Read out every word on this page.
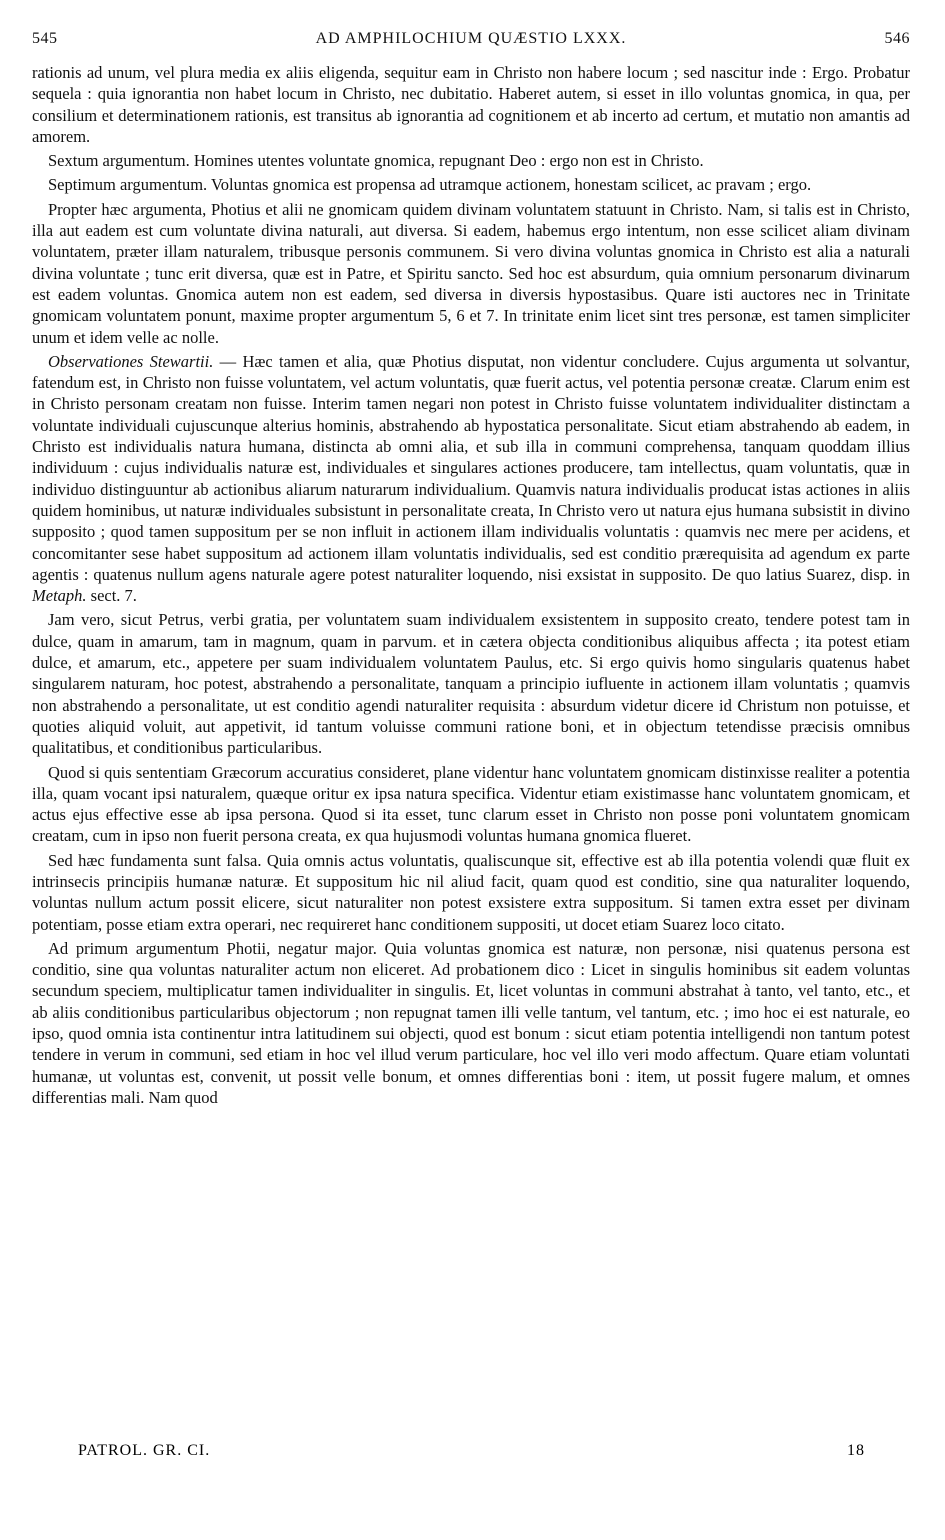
545	AD AMPHILOCHIUM QUÆSTIO LXXX.	546

rationis ad unum, vel plura media ex aliis eligenda, sequitur eam in Christo non habere locum ; sed nascitur inde : Ergo. Probatur sequela : quia ignorantia non habet locum in Christo, nec dubitatio. Haberet autem, si esset in illo voluntas gnomica, in qua, per consilium et determinationem rationis, est transitus ab ignorantia ad cognitionem et ab incerto ad certum, et mutatio non amantis ad amorem.

Sextum argumentum. Homines utentes voluntate gnomica, repugnant Deo : ergo non est in Christo.

Septimum argumentum. Voluntas gnomica est propensa ad utramque actionem, honestam scilicet, ac pravam ; ergo.

Propter hæc argumenta, Photius et alii ne gnomicam quidem divinam voluntatem statuunt in Christo. Nam, si talis est in Christo, illa aut eadem est cum voluntate divina naturali, aut diversa. Si eadem, habemus ergo intentum, non esse scilicet aliam divinam voluntatem, præter illam naturalem, tribusque personis communem. Si vero divina voluntas gnomica in Christo est alia a naturali divina voluntate ; tunc erit diversa, quæ est in Patre, et Spiritu sancto. Sed hoc est absurdum, quia omnium personarum divinarum est eadem voluntas. Gnomica autem non est eadem, sed diversa in diversis hypostasibus. Quare isti auctores nec in Trinitate gnomicam voluntatem ponunt, maxime propter argumentum 5, 6 et 7. In trinitate enim licet sint tres personæ, est tamen simpliciter unum et idem velle ac nolle.

Observationes Stewartii. — Hæc tamen et alia, quæ Photius disputat, non videntur concludere. Cujus argumenta ut solvantur, fatendum est, in Christo non fuisse voluntatem, vel actum voluntatis, quæ fuerit actus, vel potentia personæ creatæ. Clarum enim est in Christo personam creatam non fuisse. Interim tamen negari non potest in Christo fuisse voluntatem individualiter distinctam a voluntate individuali cujuscunque alterius hominis, abstrahendo ab hypostatica personalitate. Sicut etiam abstrahendo ab eadem, in Christo est individualis natura humana, distincta ab omni alia, et sub illa in communi comprehensa, tanquam quoddam illius individuum : cujus individualis naturæ est, individuales et singulares actiones producere, tam intellectus, quam voluntatis, quæ in individuo distinguuntur ab actionibus aliarum naturarum individualium. Quamvis natura individualis producat istas actiones in aliis quidem hominibus, ut naturæ individuales subsistunt in personalitate creata, In Christo vero ut natura ejus humana subsistit in divino supposito ; quod tamen suppositum per se non influit in actionem illam individualis voluntatis : quamvis nec mere per acidens, et concomitanter sese habet suppositum ad actionem illam voluntatis individualis, sed est conditio prærequisita ad agendum ex parte agentis : quatenus nullum agens naturale agere potest naturaliter loquendo, nisi exsistat in supposito. De quo latius Suarez, disp. in Metaph. sect. 7.

Jam vero, sicut Petrus, verbi gratia, per voluntatem suam individualem exsistentem in supposito creato, tendere potest tam in dulce, quam in amarum, tam in magnum, quam in parvum. et in cætera objecta conditionibus aliquibus affecta ; ita potest etiam dulce, et amarum, etc., appetere per suam individualem voluntatem Paulus, etc. Si ergo quivis homo singularis quatenus habet singularem naturam, hoc potest, abstrahendo a personalitate, tanquam a principio iufluente in actionem illam voluntatis ; quamvis non abstrahendo a personalitate, ut est conditio agendi naturaliter requisita : absurdum videtur dicere id Christum non potuisse, et quoties aliquid voluit, aut appetivit, id tantum voluisse communi ratione boni, et in objectum tetendisse præcisis omnibus qualitatibus, et conditionibus particularibus.

Quod si quis sententiam Græcorum accuratius consideret, plane videntur hanc voluntatem gnomicam distinxisse realiter a potentia illa, quam vocant ipsi naturalem, quæque oritur ex ipsa natura specifica. Videntur etiam existimasse hanc voluntatem gnomicam, et actus ejus effective esse ab ipsa persona. Quod si ita esset, tunc clarum esset in Christo non posse poni voluntatem gnomicam creatam, cum in ipso non fuerit persona creata, ex qua hujusmodi voluntas humana gnomica flueret.

Sed hæc fundamenta sunt falsa. Quia omnis actus voluntatis, qualiscunque sit, effective est ab illa potentia volendi quæ fluit ex intrinsecis principiis humanæ naturæ. Et suppositum hic nil aliud facit, quam quod est conditio, sine qua naturaliter loquendo, voluntas nullum actum possit elicere, sicut naturaliter non potest exsistere extra suppositum. Si tamen extra esset per divinam potentiam, posse etiam extra operari, nec requireret hanc conditionem suppositi, ut docet etiam Suarez loco citato.

Ad primum argumentum Photii, negatur major. Quia voluntas gnomica est naturæ, non personæ, nisi quatenus persona est conditio, sine qua voluntas naturaliter actum non eliceret. Ad probationem dico : Licet in singulis hominibus sit eadem voluntas secundum speciem, multiplicatur tamen individualiter in singulis. Et, licet voluntas in communi abstrahat à tanto, vel tanto, etc., et ab aliis conditionibus particularibus objectorum ; non repugnat tamen illi velle tantum, vel tantum, etc. ; imo hoc ei est naturale, eo ipso, quod omnia ista continentur intra latitudinem sui objecti, quod est bonum : sicut etiam potentia intelligendi non tantum potest tendere in verum in communi, sed etiam in hoc vel illud verum particulare, hoc vel illo veri modo affectum. Quare etiam voluntati humanæ, ut voluntas est, convenit, ut possit velle bonum, et omnes differentias boni : item, ut possit fugere malum, et omnes differentias mali. Nam quod

PATROL. GR. CI.	18
